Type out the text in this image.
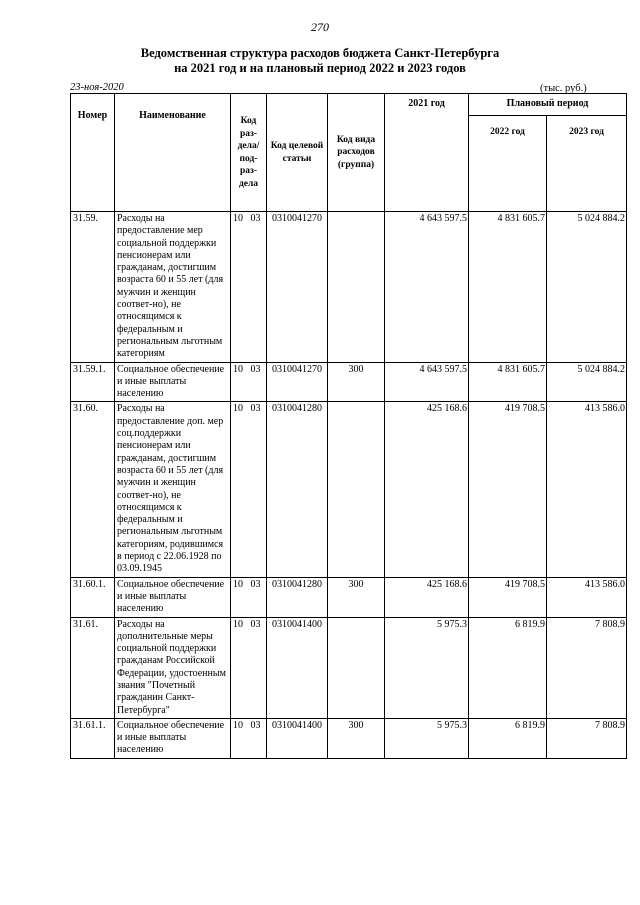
270
Ведомственная структура расходов бюджета Санкт-Петербурга
на 2021 год и на плановый период 2022 и 2023 годов
23-ноя-2020	(тыс. руб.)
Номер	Наименование	Код раз-дела/ под-раз-дела	Код целевой статьи	Код вида расходов (группа)	2021 год	Плановый период	
						2022 год	2023 год
31.59.	Расходы на предоставление мер социальной поддержки пенсионерам или гражданам, достигшим возраста 60 и 55 лет (для мужчин и женщин соответ-но), не относящимся к федеральным и региональным льготным категориям	10 03	0310041270		4 643 597.5	4 831 605.7	5 024 884.2
31.59.1.	Социальное обеспечение и иные выплаты населению	10 03	0310041270	300	4 643 597.5	4 831 605.7	5 024 884.2
31.60.	Расходы на предоставление доп. мер соц.поддержки пенсионерам или гражданам, достигшим возраста 60 и 55 лет (для мужчин и женщин соответ-но), не относящимся к федеральным и региональным льготным категориям, родившимся в период с 22.06.1928 по 03.09.1945	10 03	0310041280		425 168.6	419 708.5	413 586.0
31.60.1.	Социальное обеспечение и иные выплаты населению	10 03	0310041280	300	425 168.6	419 708.5	413 586.0
31.61.	Расходы на дополнительные меры социальной поддержки гражданам Российской Федерации, удостоенным звания "Почетный гражданин Санкт-Петербурга"	10 03	0310041400		5 975.3	6 819.9	7 808.9
31.61.1.	Социальное обеспечение и иные выплаты населению	10 03	0310041400	300	5 975.3	6 819.9	7 808.9
